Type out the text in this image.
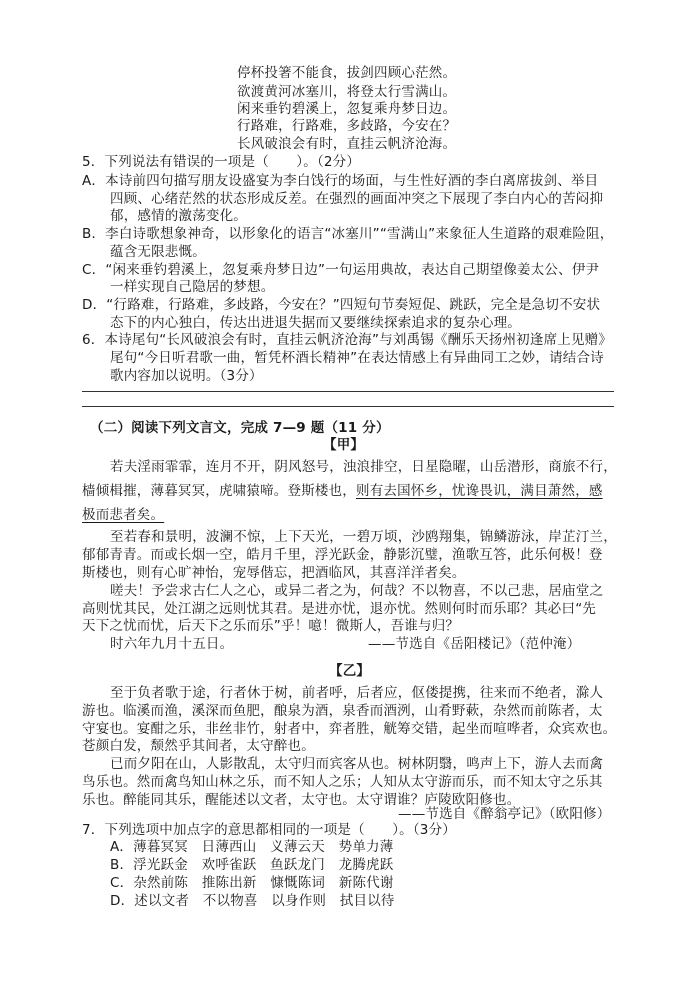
停杯投箸不能食，拔剑四顾心茫然。
欲渡黄河冰塞川，将登太行雪满山。
闲来垂钓碧溪上，忽复乘舟梦日边。
行路难，行路难，多歧路，今安在？
长风破浪会有时，直挂云帆济沧海。
5．下列说法有错误的一项是（　　）。（2分）
A．本诗前四句描写朋友设盛宴为李白饯行的场面，与生性好酒的李白离席拔剑、举目
四顾、心绪茫然的状态形成反差。在强烈的画面冲突之下展现了李白内心的苦闷抑
郁，感情的激荡变化。
B．李白诗歌想象神奇，以形象化的语言“冰塞川”“雪满山”来象征人生道路的艰难险阻，
蕴含无限悲慨。
C．“闲来垂钓碧溪上，忽复乘舟梦日边”一句运用典故，表达自己期望像姜太公、伊尹
一样实现自己隐居的梦想。
D．“行路难，行路难，多歧路，今安在？”四短句节奏短促、跳跃，完全是急切不安状
态下的内心独白，传达出进退失据而又要继续探索追求的复杂心理。
6．本诗尾句“长风破浪会有时，直挂云帆济沧海”与刘禹锡《酬乐天扬州初逢席上见赠》
尾句“今日听君歌一曲，暂凭杯酒长精神”在表达情感上有异曲同工之妙，请结合诗
歌内容加以说明。（3分）
（二）阅读下列文言文，完成 7—9 题（11 分）
【甲】
若夫淫雨霏霏，连月不开，阴风怒号，浊浪排空，日星隐曜，山岳潜形，商旅不行，
樯倾楫摧，薄暮冥冥，虎啸猿啼。登斯楼也，则有去国怀乡，忧谗畏讥，满目萧然，感
极而悲者矣。
至若春和景明，波澜不惊，上下天光，一碧万顷，沙鸥翔集，锦鳞游泳，岸芷汀兰，
郁郁青青。而或长烟一空，皓月千里，浮光跃金，静影沉璧，渔歌互答，此乐何极！登
斯楼也，则有心旷神怡，宠辱偕忘，把酒临风，其喜洋洋者矣。
嗟夫！予尝求古仁人之心，或异二者之为，何哉？不以物喜，不以己悲，居庙堂之
高则忧其民，处江湖之远则忧其君。是进亦忧，退亦忧。然则何时而乐耶？其必曰“先
天下之忧而忧，后天下之乐而乐”乎！噫！微斯人，吾谁与归？
时六年九月十五日。	——节选自《岳阳楼记》（范仲淹）
【乙】
至于负者歌于途，行者休于树，前者呼，后者应，伛偻提携，往来而不绝者，滁人
游也。临溪而渔，溪深而鱼肥，酿泉为酒，泉香而酒洌，山肴野蔌，杂然而前陈者，太
守宴也。宴酣之乐，非丝非竹，射者中，弈者胜，觥筹交错，起坐而喧哗者，众宾欢也。
苍颜白发，颓然乎其间者，太守醉也。
已而夕阳在山，人影散乱，太守归而宾客从也。树林阴翳，鸣声上下，游人去而禽
鸟乐也。然而禽鸟知山林之乐，而不知人之乐；人知从太守游而乐，而不知太守之乐其
乐也。醉能同其乐，醒能述以文者，太守也。太守谓谁？庐陵欧阳修也。
——节选自《醉翁亭记》（欧阳修）
7．下列选项中加点字的意思都相同的一项是（　　）。（3分）
A．薄暮冥冥　日薄西山　义薄云天　势单力薄
B．浮光跃金　欢呼雀跃　鱼跃龙门　龙腾虎跃
C．杂然前陈　推陈出新　慷慨陈词　新陈代谢
D．述以文者　不以物喜　以身作则　拭目以待
